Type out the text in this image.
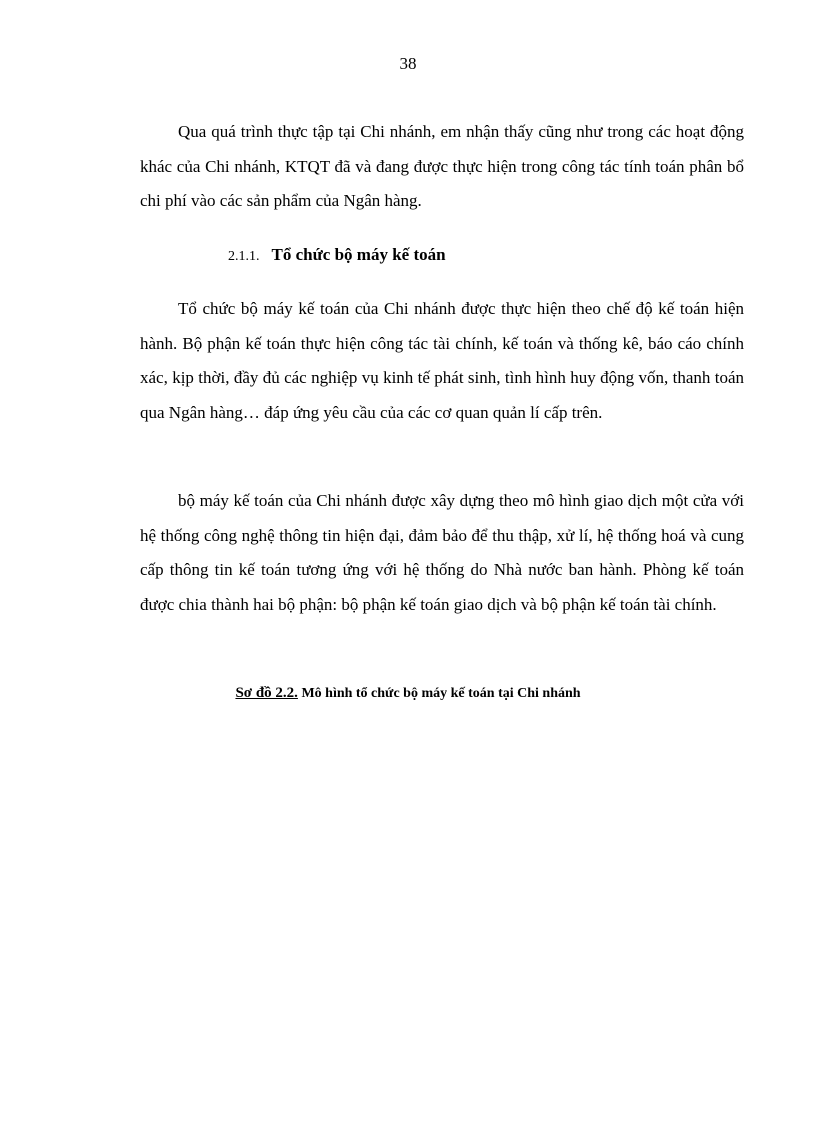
38

Qua quá trình thực tập tại Chi nhánh, em nhận thấy cũng như trong các hoạt động khác của Chi nhánh, KTQT đã và đang được thực hiện trong công tác tính toán phân bổ chi phí vào các sản phẩm của Ngân hàng.

2.1.1. Tổ chức bộ máy kế toán

Tổ chức bộ máy kế toán của Chi nhánh được thực hiện theo chế độ kế toán hiện hành. Bộ phận kế toán thực hiện công tác tài chính, kế toán và thống kê, báo cáo chính xác, kịp thời, đầy đủ các nghiệp vụ kinh tế phát sinh, tình hình huy động vốn, thanh toán qua Ngân hàng… đáp ứng yêu cầu của các cơ quan quản lí cấp trên.

bộ máy kế toán của Chi nhánh được xây dựng theo mô hình giao dịch một cửa với hệ thống công nghệ thông tin hiện đại, đảm bảo để thu thập, xử lí, hệ thống hoá và cung cấp thông tin kế toán tương ứng với hệ thống do Nhà nước ban hành. Phòng kế toán được chia thành hai bộ phận: bộ phận kế toán giao dịch và bộ phận kế toán tài chính.

Sơ đồ 2.2. Mô hình tổ chức bộ máy kế toán tại Chi nhánh
